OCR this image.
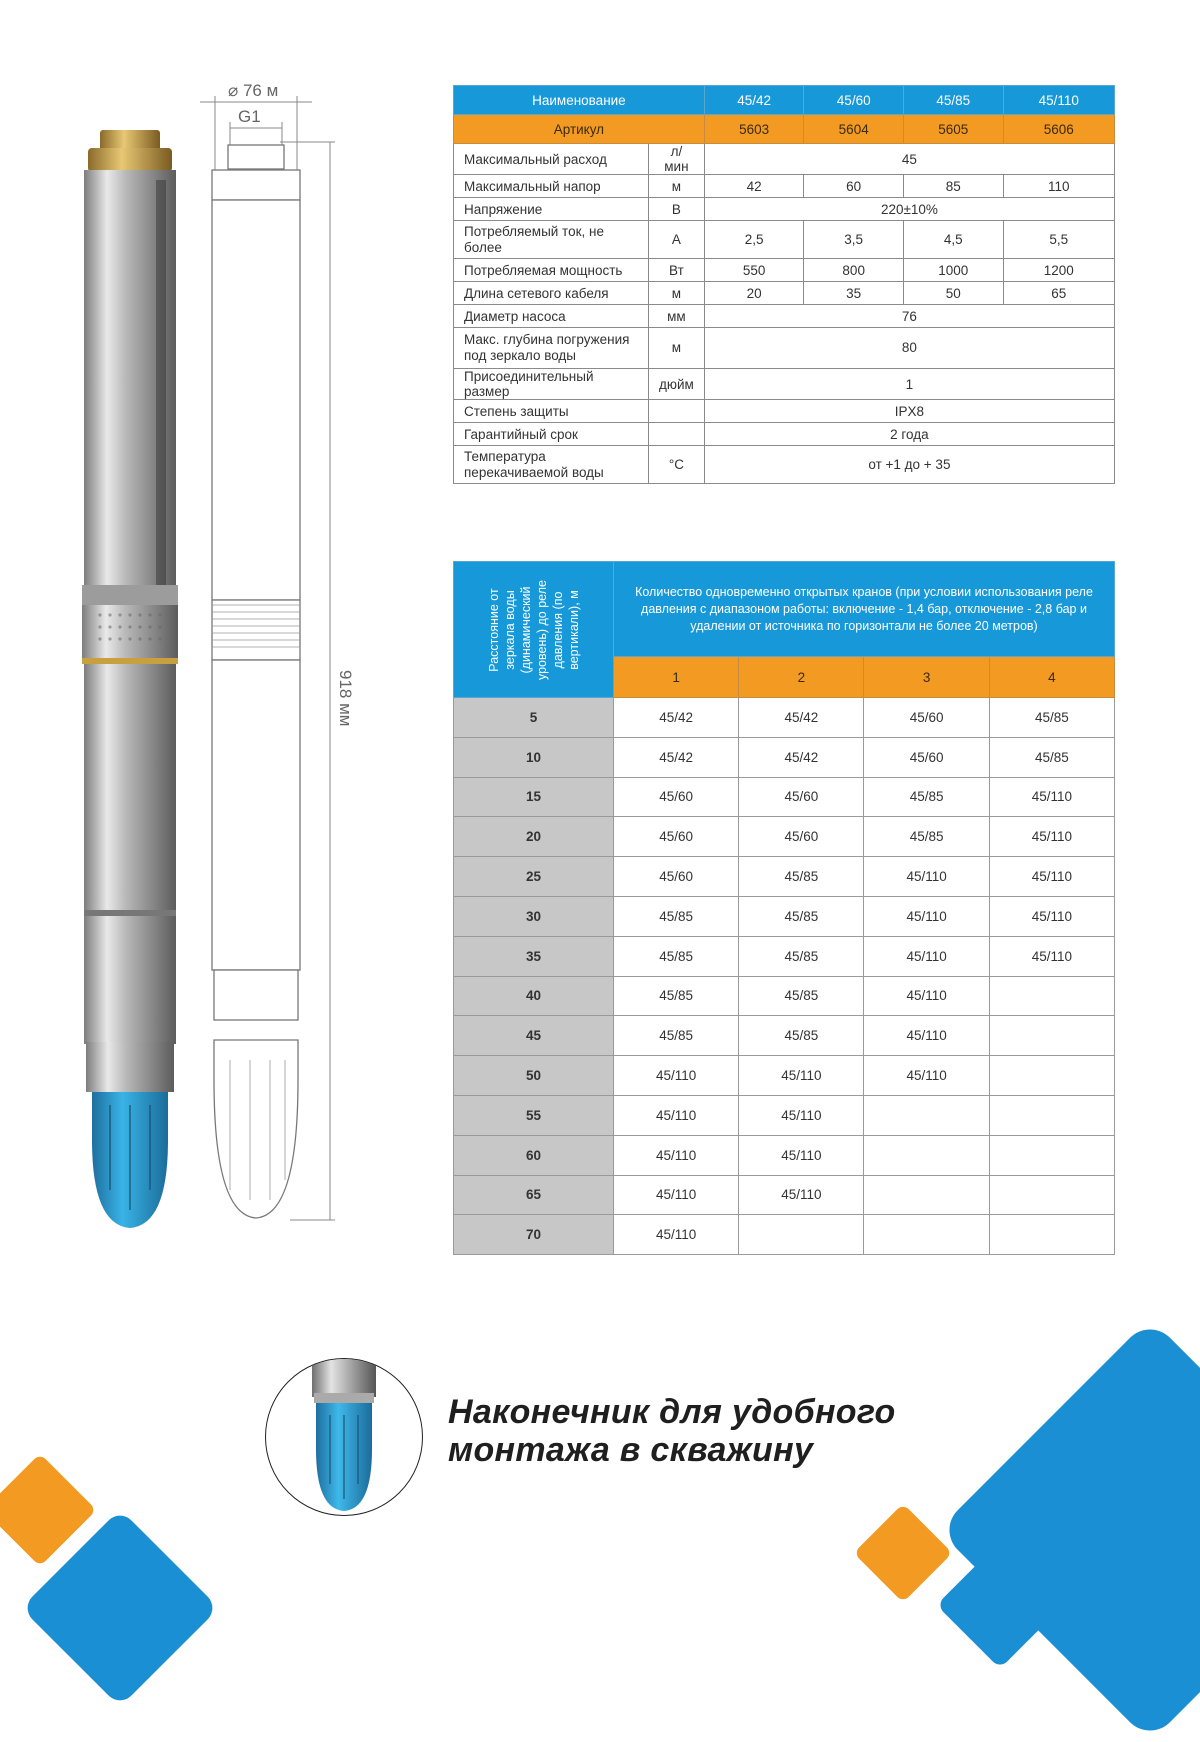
⌀ 76 м
G1
918 мм
Наименование		45/42	45/60	45/85	45/110
Артикул		5603	5604	5605	5606
Максимальный расход	л/мин	45			
Максимальный напор	м	42	60	85	110
Напряжение	В	220±10%			
Потребляемый ток, не более	А	2,5	3,5	4,5	5,5
Потребляемая мощность	Вт	550	800	1000	1200
Длина сетевого кабеля	м	20	35	50	65
Диаметр насоса	мм	76			
Макс. глубина погружения под зеркало воды	м	80			
Присоединительный размер	дюйм	1			
Степень защиты		IPX8			
Гарантийный срок		2 года			
Температура перекачиваемой воды	°С	от +1 до + 35			
Расстояние от зеркала воды (динамический уровень) до реле давления (по вертикали), м	Количество одновременно открытых кранов (при условии использования реле давления с диапазоном работы: включение - 1,4 бар, отключение - 2,8 бар и удалении от источника по горизонтали не более 20 метров)			
	1	2	3	4
5	45/42	45/42	45/60	45/85
10	45/42	45/42	45/60	45/85
15	45/60	45/60	45/85	45/110
20	45/60	45/60	45/85	45/110
25	45/60	45/85	45/110	45/110
30	45/85	45/85	45/110	45/110
35	45/85	45/85	45/110	45/110
40	45/85	45/85	45/110	
45	45/85	45/85	45/110	
50	45/110	45/110	45/110	
55	45/110	45/110		
60	45/110	45/110		
65	45/110	45/110		
70	45/110			
Наконечник для удобного
монтажа в скважину
